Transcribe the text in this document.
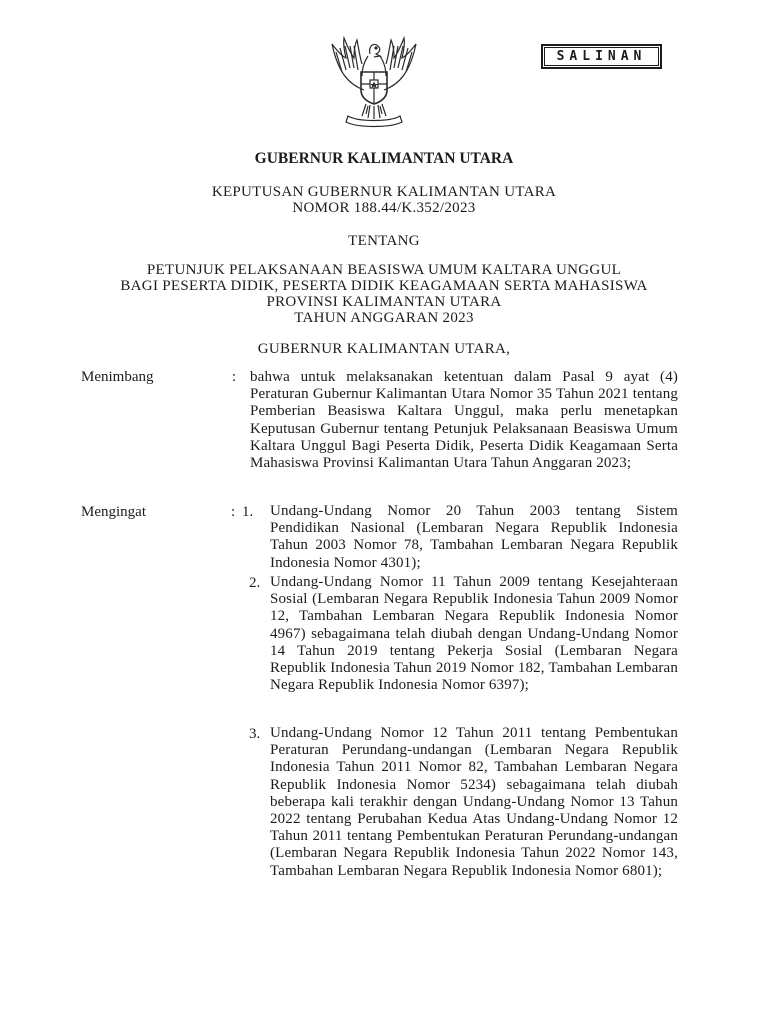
SALINAN
GUBERNUR KALIMANTAN UTARA
KEPUTUSAN GUBERNUR KALIMANTAN UTARA
NOMOR 188.44/K.352/2023
TENTANG
PETUNJUK PELAKSANAAN BEASISWA UMUM KALTARA UNGGUL
BAGI PESERTA DIDIK, PESERTA DIDIK KEAGAMAAN SERTA MAHASISWA
PROVINSI KALIMANTAN UTARA
TAHUN ANGGARAN 2023
GUBERNUR KALIMANTAN UTARA,
Menimbang	: bahwa untuk melaksanakan ketentuan dalam Pasal 9 ayat (4) Peraturan Gubernur Kalimantan Utara Nomor 35 Tahun 2021 tentang Pemberian Beasiswa Kaltara Unggul, maka perlu menetapkan Keputusan Gubernur tentang Petunjuk Pelaksanaan Beasiswa Umum Kaltara Unggul Bagi Peserta Didik, Peserta Didik Keagamaan Serta Mahasiswa Provinsi Kalimantan Utara Tahun Anggaran 2023;
Mengingat	: 1. Undang-Undang Nomor 20 Tahun 2003 tentang Sistem Pendidikan Nasional (Lembaran Negara Republik Indonesia Tahun 2003 Nomor 78, Tambahan Lembaran Negara Republik Indonesia Nomor 4301);
2. Undang-Undang Nomor 11 Tahun 2009 tentang Kesejahteraan Sosial (Lembaran Negara Republik Indonesia Tahun 2009 Nomor 12, Tambahan Lembaran Negara Republik Indonesia Nomor 4967) sebagaimana telah diubah dengan Undang-Undang Nomor 14 Tahun 2019 tentang Pekerja Sosial (Lembaran Negara Republik Indonesia Tahun 2019 Nomor 182, Tambahan Lembaran Negara Republik Indonesia Nomor 6397);
3. Undang-Undang Nomor 12 Tahun 2011 tentang Pembentukan Peraturan Perundang-undangan (Lembaran Negara Republik Indonesia Tahun 2011 Nomor 82, Tambahan Lembaran Negara Republik Indonesia Nomor 5234) sebagaimana telah diubah beberapa kali terakhir dengan Undang-Undang Nomor 13 Tahun 2022 tentang Perubahan Kedua Atas Undang-Undang Nomor 12 Tahun 2011 tentang Pembentukan Peraturan Perundang-undangan (Lembaran Negara Republik Indonesia Tahun 2022 Nomor 143, Tambahan Lembaran Negara Republik Indonesia Nomor 6801);
